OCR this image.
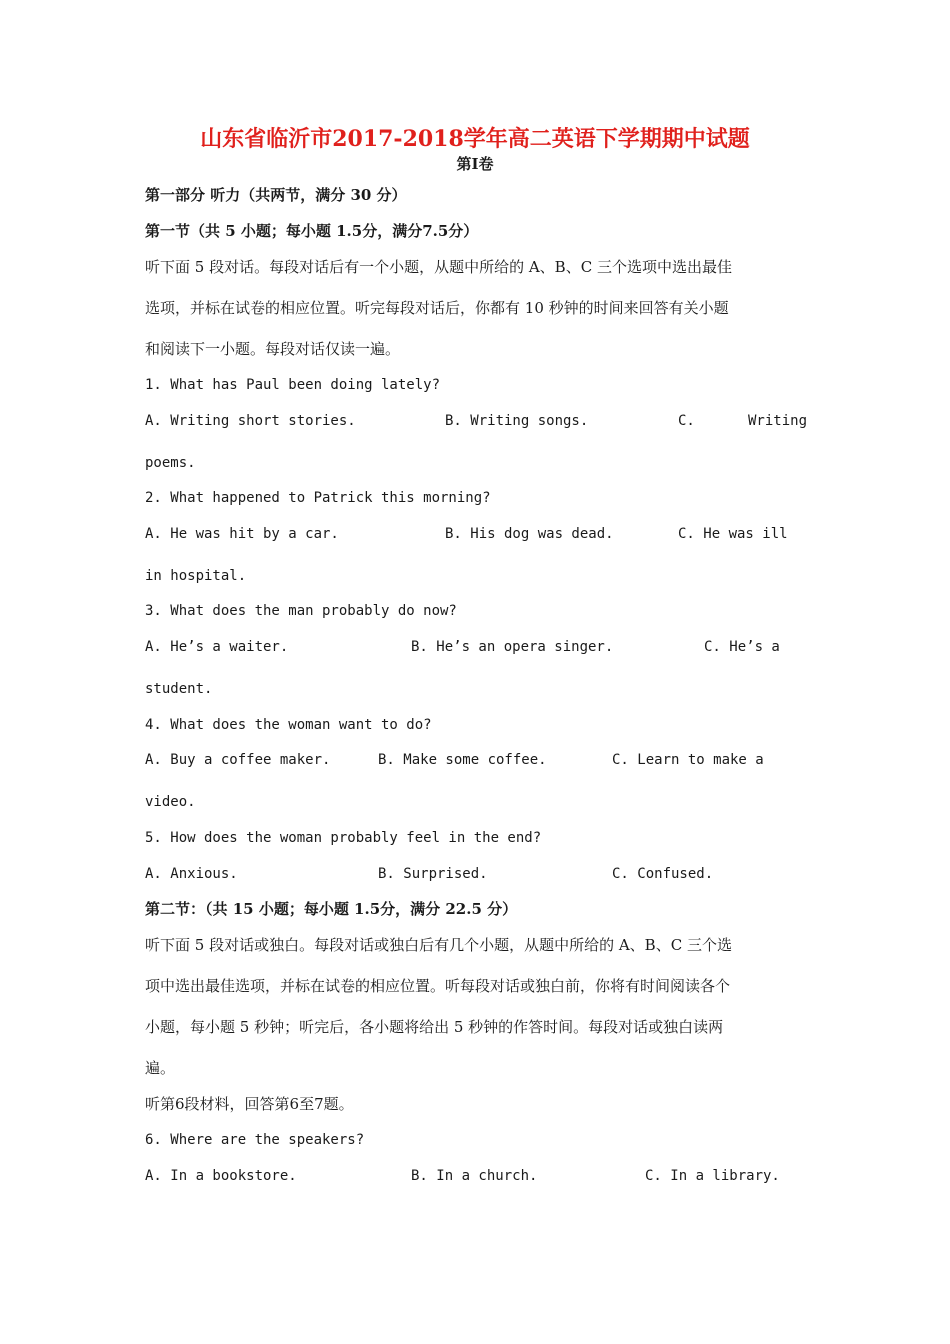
山东省临沂市2017-2018学年高二英语下学期期中试题
第Ⅰ卷
第一部分 听力（共两节，满分 30 分）
第一节（共 5 小题；每小题 1.5分，满分7.5分）
听下面 5 段对话。每段对话后有一个小题，从题中所给的 A、B、C 三个选项中选出最佳
选项，并标在试卷的相应位置。听完每段对话后，你都有 10 秒钟的时间来回答有关小题
和阅读下一小题。每段对话仅读一遍。
1. What has Paul been doing lately?
A. Writing short stories.	B. Writing songs.	C.	Writing
poems.
2. What happened to Patrick this morning?
A. He was hit by a car.	B. His dog was dead.	C. He was ill
in hospital.
3. What does the man probably do now?
A. He’s a waiter.	B. He’s an opera singer.	C. He’s a
student.
4. What does the woman want to do?
A. Buy a coffee maker.	B. Make some coffee.	C. Learn to make a
video.
5. How does the woman probably feel in the end?
A. Anxious.	B. Surprised.	C. Confused.
第二节：（共 15 小题；每小题 1.5分，满分 22.5 分）
听下面 5 段对话或独白。每段对话或独白后有几个小题，从题中所给的 A、B、C 三个选
项中选出最佳选项，并标在试卷的相应位置。听每段对话或独白前，你将有时间阅读各个
小题，每小题 5 秒钟；听完后，各小题将给出 5 秒钟的作答时间。每段对话或独白读两
遍。
听第6段材料，回答第6至7题。
6. Where are the speakers?
A. In a bookstore.	B. In a church.	C. In a library.
